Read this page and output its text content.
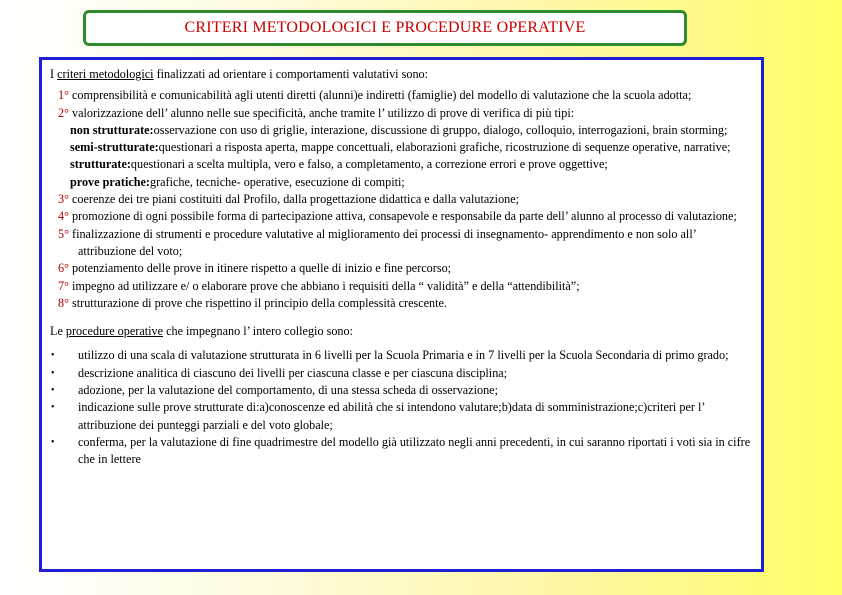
CRITERI METODOLOGICI E PROCEDURE OPERATIVE

I criteri metodologici finalizzati ad orientare i comportamenti valutativi sono:

1° comprensibilità e comunicabilità agli utenti diretti (alunni)e indiretti (famiglie) del modello di valutazione che la scuola adotta;

2° valorizzazione dell’ alunno nelle sue specificità, anche tramite l’ utilizzo di prove di verifica di più tipi:

non strutturate:osservazione con uso di griglie, interazione, discussione di gruppo, dialogo, colloquio, interrogazioni, brain storming;

semi-strutturate:questionari a risposta aperta, mappe concettuali, elaborazioni grafiche, ricostruzione di sequenze operative, narrative;

strutturate:questionari a scelta multipla, vero e falso, a completamento, a correzione errori e prove oggettive;

prove pratiche:grafiche, tecniche- operative, esecuzione di compiti;

3° coerenze dei tre piani costituiti dal Profilo, dalla progettazione didattica e dalla valutazione;

4° promozione di ogni possibile forma di partecipazione attiva, consapevole e responsabile da parte dell’ alunno al processo di valutazione;

5° finalizzazione di strumenti e procedure valutative al miglioramento dei processi di insegnamento- apprendimento e non solo all’ attribuzione del voto;

6° potenziamento delle prove in itinere rispetto a quelle di inizio e fine percorso;

7° impegno ad utilizzare e/ o elaborare prove che abbiano i requisiti della “ validità” e della “attendibilità”;

8° strutturazione di prove che rispettino il principio della complessità crescente.

Le procedure operative che impegnano l’ intero collegio sono:

• utilizzo di una scala di valutazione strutturata in 6 livelli per la Scuola Primaria e in 7 livelli per la Scuola Secondaria di primo grado;

• descrizione analitica di ciascuno dei livelli per ciascuna classe e per ciascuna disciplina;

• adozione, per la valutazione del comportamento, di una stessa scheda di osservazione;

• indicazione sulle prove strutturate di:a)conoscenze ed abilità che si intendono valutare;b)data di somministrazione;c)criteri per l’ attribuzione dei punteggi parziali e del voto globale;

• conferma, per la valutazione di fine quadrimestre del modello già utilizzato negli anni precedenti, in cui saranno riportati i voti sia in cifre che in lettere
